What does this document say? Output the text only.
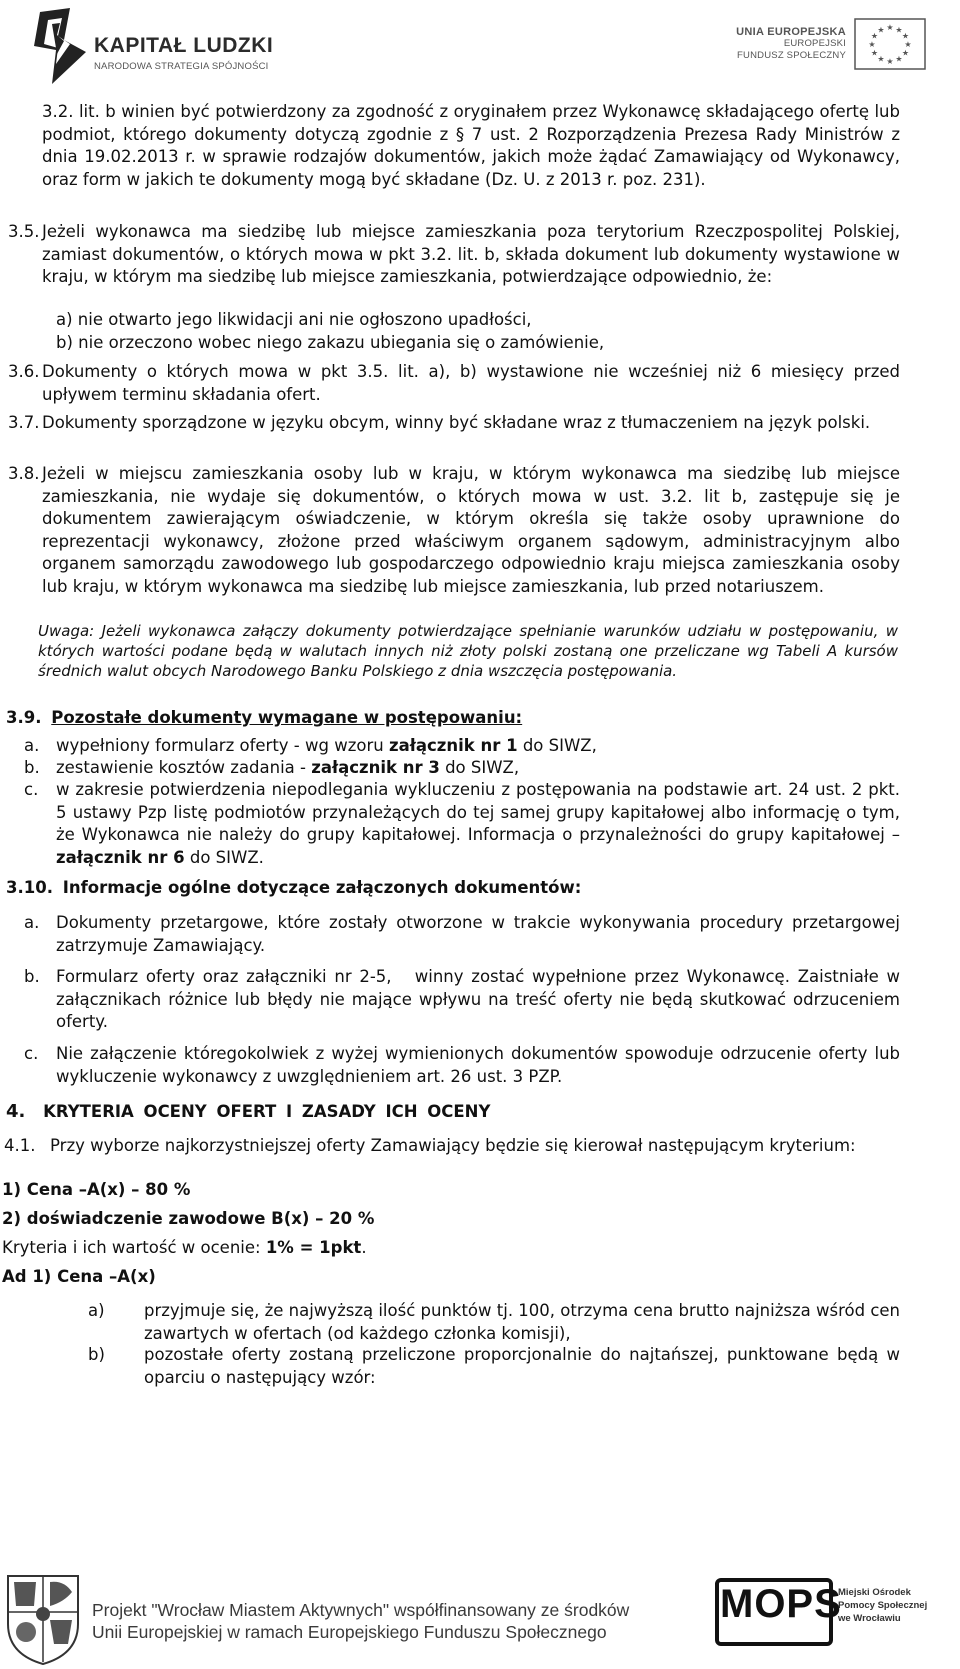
KAPITAŁ LUDZKI
NARODOWA STRATEGIA SPÓJNOŚCI
UNIA EUROPEJSKA
EUROPEJSKI
FUNDUSZ SPOŁECZNY
★ ★
★
★
★
★
★
★
★
★
★
★
3.2. lit. b winien być potwierdzony za zgodność z oryginałem przez Wykonawcę składającego ofertę lub podmiot, którego dokumenty dotyczą zgodnie z § 7 ust. 2 Rozporządzenia Prezesa Rady Ministrów z dnia 19.02.2013 r. w sprawie rodzajów dokumentów, jakich może żądać Zamawiający od Wykonawcy, oraz form w jakich te dokumenty mogą być składane (Dz. U. z 2013 r. poz. 231).
3.5. Jeżeli wykonawca ma siedzibę lub miejsce zamieszkania poza terytorium Rzeczpospolitej Polskiej, zamiast dokumentów, o których mowa w pkt 3.2. lit. b, składa dokument lub dokumenty wystawione w kraju, w którym ma siedzibę lub miejsce zamieszkania, potwierdzające odpowiednio, że:
a) nie otwarto jego likwidacji ani nie ogłoszono upadłości,
b) nie orzeczono wobec niego zakazu ubiegania się o zamówienie,
3.6. Dokumenty o których mowa w pkt 3.5. lit. a), b) wystawione nie wcześniej niż 6 miesięcy przed upływem terminu składania ofert.
3.7. Dokumenty sporządzone w języku obcym, winny być składane wraz z tłumaczeniem na język polski.
3.8. Jeżeli w miejscu zamieszkania osoby lub w kraju, w którym wykonawca ma siedzibę lub miejsce zamieszkania, nie wydaje się dokumentów, o których mowa w ust. 3.2. lit b, zastępuje się je dokumentem zawierającym oświadczenie, w którym określa się także osoby uprawnione do reprezentacji wykonawcy, złożone przed właściwym organem sądowym, administracyjnym albo organem samorządu zawodowego lub gospodarczego odpowiednio kraju miejsca zamieszkania osoby lub kraju, w którym wykonawca ma siedzibę lub miejsce zamieszkania, lub przed notariuszem.
Uwaga: Jeżeli wykonawca załączy dokumenty potwierdzające spełnianie warunków udziału w postępowaniu, w których wartości podane będą w walutach innych niż złoty polski zostaną one przeliczane wg Tabeli A kursów średnich walut obcych Narodowego Banku Polskiego z dnia wszczęcia postępowania.
3.9. Pozostałe dokumenty wymagane w postępowaniu:
a. wypełniony formularz oferty - wg wzoru załącznik nr 1 do SIWZ,
b. zestawienie kosztów zadania - załącznik nr 3 do SIWZ,
c. w zakresie potwierdzenia niepodlegania wykluczeniu z postępowania na podstawie art. 24 ust. 2 pkt. 5 ustawy Pzp listę podmiotów przynależących do tej samej grupy kapitałowej albo informację o tym, że Wykonawca nie należy do grupy kapitałowej. Informacja o przynależności do grupy kapitałowej – załącznik nr 6 do SIWZ.
3.10. Informacje ogólne dotyczące załączonych dokumentów:
a. Dokumenty przetargowe, które zostały otworzone w trakcie wykonywania procedury przetargowej zatrzymuje Zamawiający.
b. Formularz oferty oraz załączniki nr 2-5,   winny zostać wypełnione przez Wykonawcę. Zaistniałe w załącznikach różnice lub błędy nie mające wpływu na treść oferty nie będą skutkować odrzuceniem oferty.
c. Nie załączenie któregokolwiek z wyżej wymienionych dokumentów spowoduje odrzucenie oferty lub wykluczenie wykonawcy z uwzględnieniem art. 26 ust. 3 PZP.
4. KRYTERIA OCENY OFERT I ZASADY ICH OCENY
4.1. Przy wyborze najkorzystniejszej oferty Zamawiający będzie się kierował następującym kryterium:
1) Cena –A(x) – 80 %
2) doświadczenie zawodowe B(x) – 20 %
Kryteria i ich wartość w ocenie: 1% = 1pkt.
Ad 1) Cena –A(x)
a) przyjmuje się, że najwyższą ilość punktów tj. 100, otrzyma cena brutto najniższa wśród cen zawartych w ofertach (od każdego członka komisji),
b) pozostałe oferty zostaną przeliczone proporcjonalnie do najtańszej, punktowane będą w oparciu o następujący wzór:
Projekt "Wrocław Miastem Aktywnych" współfinansowany ze środków
Unii Europejskiej w ramach Europejskiego Funduszu Społecznego
MOPS
Miejski Ośrodek
Pomocy Społecznej
we Wrocławiu
